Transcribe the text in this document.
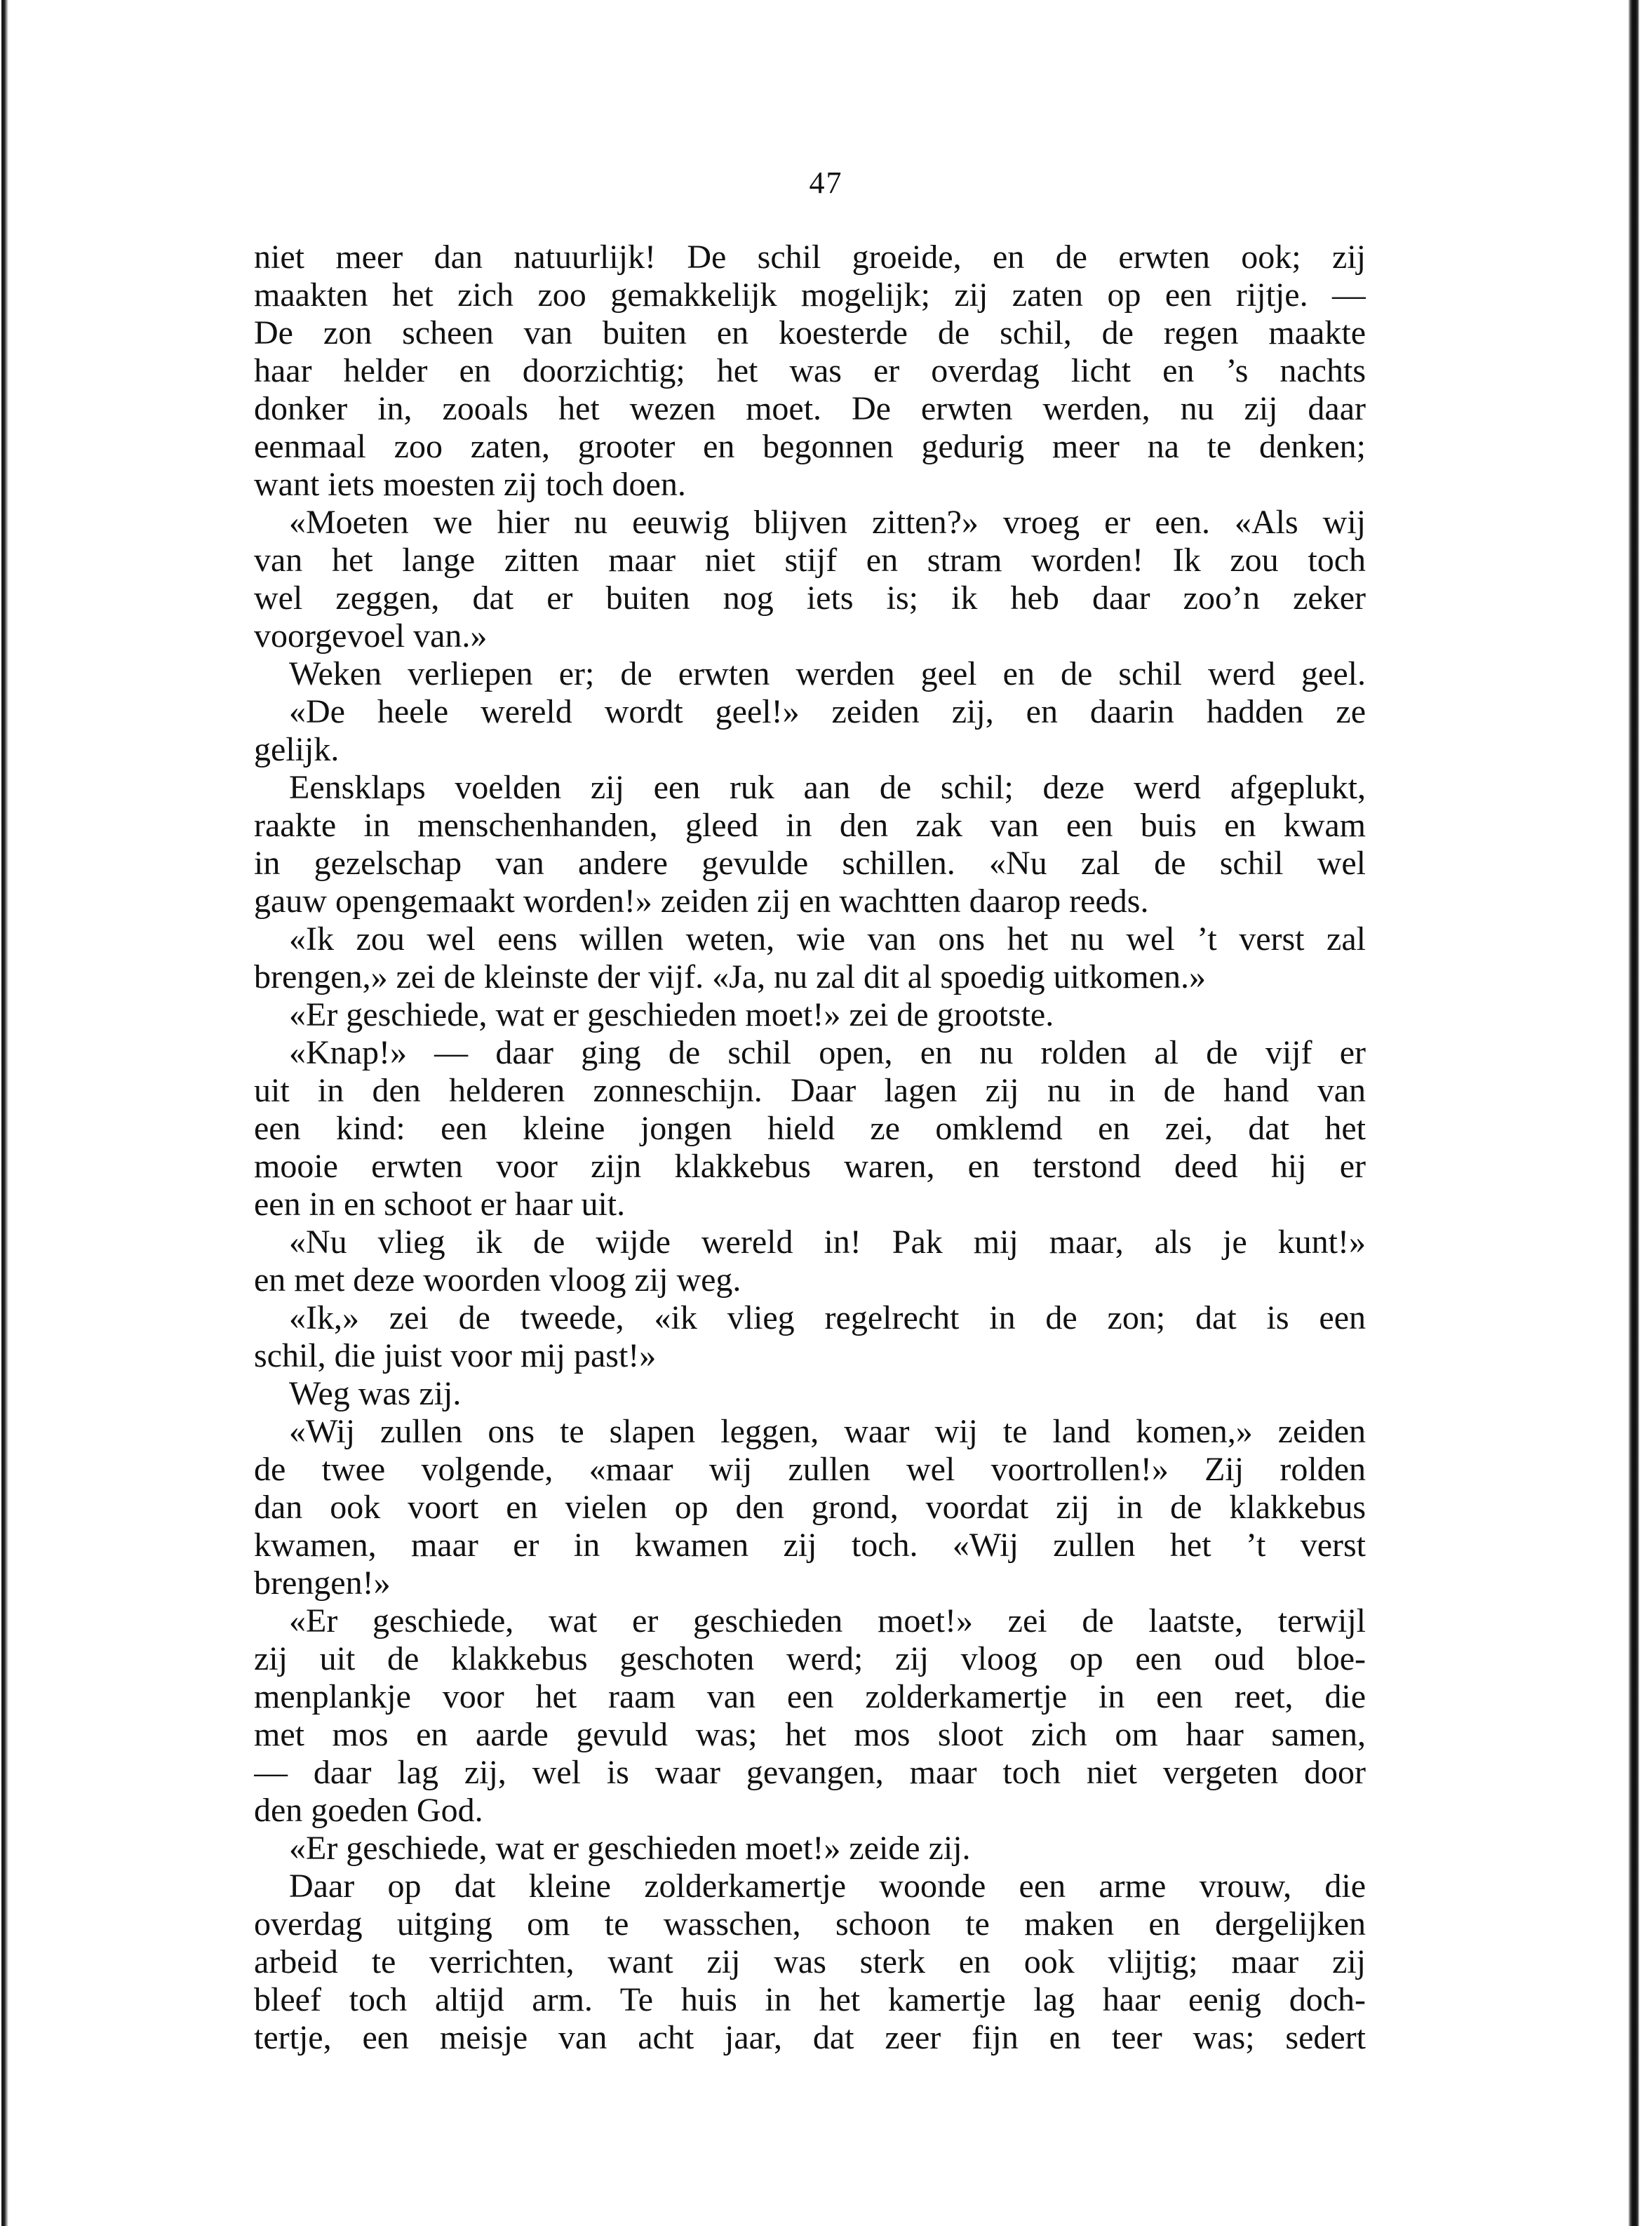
47
niet meer dan natuurlijk! De schil groeide, en de erwten ook; zij
maakten het zich zoo gemakkelijk mogelijk; zij zaten op een rijtje. —
De zon scheen van buiten en koesterde de schil, de regen maakte
haar helder en doorzichtig; het was er overdag licht en ’s nachts
donker in, zooals het wezen moet. De erwten werden, nu zij daar
eenmaal zoo zaten, grooter en begonnen gedurig meer na te denken;
want iets moesten zij toch doen.
«Moeten we hier nu eeuwig blijven zitten?» vroeg er een. «Als wij
van het lange zitten maar niet stijf en stram worden! Ik zou toch
wel zeggen, dat er buiten nog iets is; ik heb daar zoo’n zeker
voorgevoel van.»
Weken verliepen er; de erwten werden geel en de schil werd geel.
«De heele wereld wordt geel!» zeiden zij, en daarin hadden ze
gelijk.
Eensklaps voelden zij een ruk aan de schil; deze werd afgeplukt,
raakte in menschenhanden, gleed in den zak van een buis en kwam
in gezelschap van andere gevulde schillen. «Nu zal de schil wel
gauw opengemaakt worden!» zeiden zij en wachtten daarop reeds.
«Ik zou wel eens willen weten, wie van ons het nu wel ’t verst zal
brengen,» zei de kleinste der vijf. «Ja, nu zal dit al spoedig uitkomen.»
«Er geschiede, wat er geschieden moet!» zei de grootste.
«Knap!» — daar ging de schil open, en nu rolden al de vijf er
uit in den helderen zonneschijn. Daar lagen zij nu in de hand van
een kind: een kleine jongen hield ze omklemd en zei, dat het
mooie erwten voor zijn klakkebus waren, en terstond deed hij er
een in en schoot er haar uit.
«Nu vlieg ik de wijde wereld in! Pak mij maar, als je kunt!»
en met deze woorden vloog zij weg.
«Ik,» zei de tweede, «ik vlieg regelrecht in de zon; dat is een
schil, die juist voor mij past!»
Weg was zij.
«Wij zullen ons te slapen leggen, waar wij te land komen,» zeiden
de twee volgende, «maar wij zullen wel voortrollen!» Zij rolden
dan ook voort en vielen op den grond, voordat zij in de klakkebus
kwamen, maar er in kwamen zij toch. «Wij zullen het ’t verst
brengen!»
«Er geschiede, wat er geschieden moet!» zei de laatste, terwijl
zij uit de klakkebus geschoten werd; zij vloog op een oud bloe-
menplankje voor het raam van een zolderkamertje in een reet, die
met mos en aarde gevuld was; het mos sloot zich om haar samen,
— daar lag zij, wel is waar gevangen, maar toch niet vergeten door
den goeden God.
«Er geschiede, wat er geschieden moet!» zeide zij.
Daar op dat kleine zolderkamertje woonde een arme vrouw, die
overdag uitging om te wasschen, schoon te maken en dergelijken
arbeid te verrichten, want zij was sterk en ook vlijtig; maar zij
bleef toch altijd arm. Te huis in het kamertje lag haar eenig doch-
tertje, een meisje van acht jaar, dat zeer fijn en teer was; sedert
